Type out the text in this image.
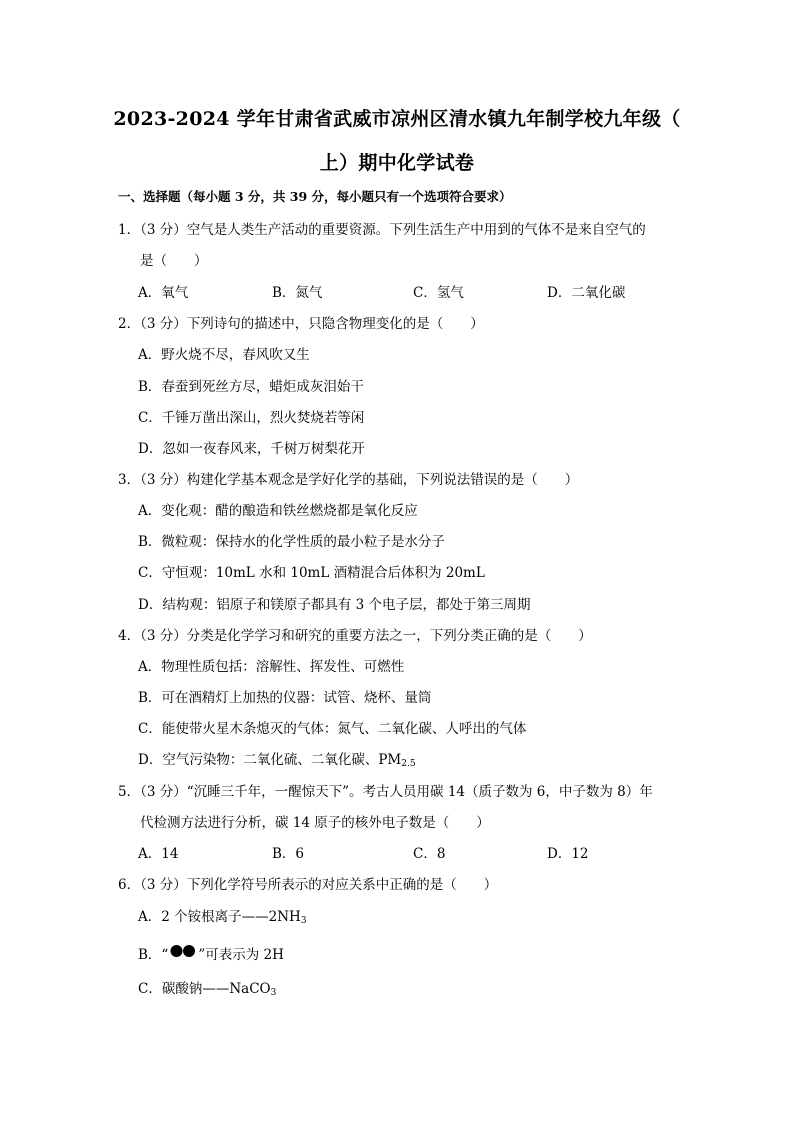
2023-2024 学年甘肃省武威市凉州区清水镇九年制学校九年级（
上）期中化学试卷
一、选择题（每小题 3 分，共 39 分，每小题只有一个选项符合要求）
1．（3 分）空气是人类生产活动的重要资源。下列生活生产中用到的气体不是来自空气的
是（　　）
A．氧气	B．氮气	C．氢气	D．二氧化碳
2．（3 分）下列诗句的描述中，只隐含物理变化的是（　　）
A．野火烧不尽，春风吹又生
B．春蚕到死丝方尽，蜡炬成灰泪始干
C．千锤万凿出深山，烈火焚烧若等闲
D．忽如一夜春风来，千树万树梨花开
3．（3 分）构建化学基本观念是学好化学的基础，下列说法错误的是（　　）
A．变化观：醋的酿造和铁丝燃烧都是氧化反应
B．微粒观：保持水的化学性质的最小粒子是水分子
C．守恒观：10mL 水和 10mL 酒精混合后体积为 20mL
D．结构观：铝原子和镁原子都具有 3 个电子层，都处于第三周期
4．（3 分）分类是化学学习和研究的重要方法之一，下列分类正确的是（　　）
A．物理性质包括：溶解性、挥发性、可燃性
B．可在酒精灯上加热的仪器：试管、烧杯、量筒
C．能使带火星木条熄灭的气体：氮气、二氧化碳、人呼出的气体
D．空气污染物：二氧化硫、二氧化碳、$PM_{2.5}$
5．（3 分）“沉睡三千年，一醒惊天下”。考古人员用碳 14（质子数为 6，中子数为 8）年
代检测方法进行分析，碳 14 原子的核外电子数是（　　）
A．14	B．6	C．8	D．12
6．（3 分）下列化学符号所表示的对应关系中正确的是（　　）
A．2 个铵根离子$——2NH_3$
B．“ ”可表示为 2H
C．碳酸钠——NaCO$_3$
